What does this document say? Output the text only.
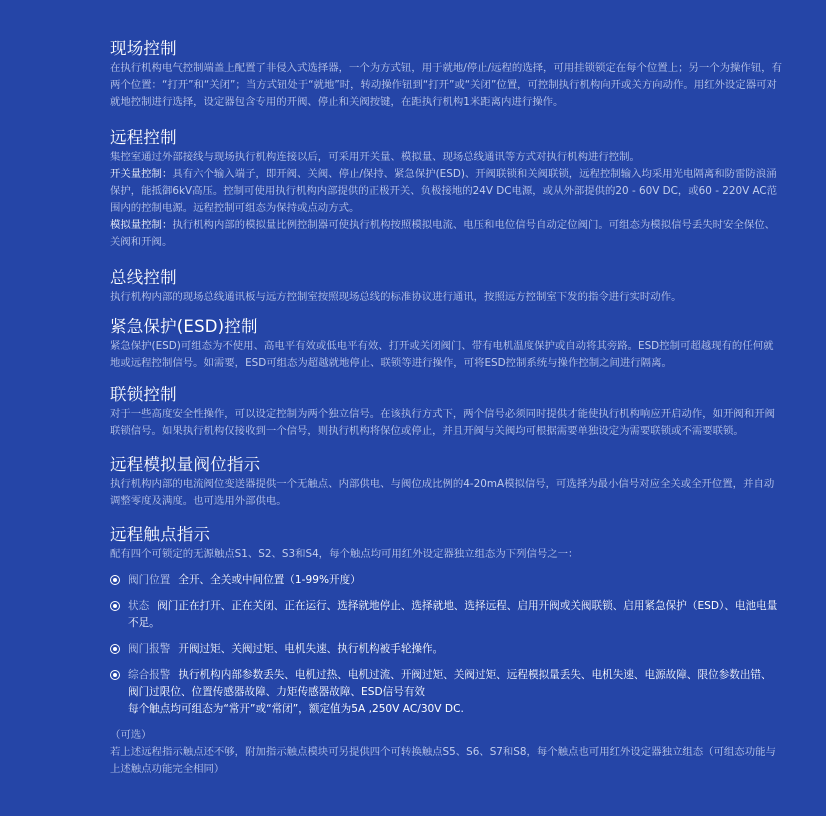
现场控制

在执行机构电气控制端盖上配置了非侵入式选择器，一个为方式钮，用于就地/停止/远程的选择，可用挂锁锁定在每个位置上；另一个为操作钮，有两个位置：“打开”和“关闭”；当方式钮处于“就地”时，转动操作钮到“打开”或“关闭”位置，可控制执行机构向开或关方向动作。用红外设定器可对就地控制进行选择，设定器包含专用的开阀、停止和关阀按键，在距执行机构1米距离内进行操作。

远程控制

集控室通过外部接线与现场执行机构连接以后，可采用开关量、模拟量、现场总线通讯等方式对执行机构进行控制。

开关量控制：具有六个输入端子，即开阀、关阀、停止/保持、紧急保护(ESD)、开阀联锁和关阀联锁，远程控制输入均采用光电隔离和防雷防浪涌保护，能抵御6kV高压。控制可使用执行机构内部提供的正极开关、负极接地的24V DC电源，或从外部提供的20 - 60V DC，或60 - 220V AC范围内的控制电源。远程控制可组态为保持或点动方式。

模拟量控制：执行机构内部的模拟量比例控制器可使执行机构按照模拟电流、电压和电位信号自动定位阀门。可组态为模拟信号丢失时安全保位、关阀和开阀。

总线控制

执行机构内部的现场总线通讯板与远方控制室按照现场总线的标准协议进行通讯，按照远方控制室下发的指令进行实时动作。

紧急保护(ESD)控制

紧急保护(ESD)可组态为不使用、高电平有效或低电平有效、打开或关闭阀门、带有电机温度保护或自动将其旁路。ESD控制可超越现有的任何就地或远程控制信号。如需要，ESD可组态为超越就地停止、联锁等进行操作，可将ESD控制系统与操作控制之间进行隔离。

联锁控制

对于一些高度安全性操作，可以设定控制为两个独立信号。在该执行方式下，两个信号必须同时提供才能使执行机构响应开启动作，如开阀和开阀联锁信号。如果执行机构仅接收到一个信号，则执行机构将保位或停止，并且开阀与关阀均可根据需要单独设定为需要联锁或不需要联锁。

远程模拟量阀位指示

执行机构内部的电流阀位变送器提供一个无触点、内部供电、与阀位成比例的4-20mA模拟信号，可选择为最小信号对应全关或全开位置，并自动调整零度及满度。也可选用外部供电。

远程触点指示

配有四个可锁定的无源触点S1、S2、S3和S4，每个触点均可用红外设定器独立组态为下列信号之一：

阀门位置 全开、全关或中间位置（1-99%开度）
状态 阀门正在打开、正在关闭、正在运行、选择就地停止、选择就地、选择远程、启用开阀或关阀联锁、启用紧急保护（ESD）、电池电量不足。
阀门报警 开阀过矩、关阀过矩、电机失速、执行机构被手轮操作。
综合报警 执行机构内部参数丢失、电机过热、电机过流、开阀过矩、关阀过矩、远程模拟量丢失、电机失速、电源故障、限位参数出错、阀门过限位、位置传感器故障、力矩传感器故障、ESD信号有效
每个触点均可组态为“常开”或“常闭”，额定值为5A ,250V AC/30V DC.
（可选）
若上述远程指示触点还不够，附加指示触点模块可另提供四个可转换触点S5、S6、S7和S8，每个触点也可用红外设定器独立组态（可组态功能与上述触点功能完全相同）
